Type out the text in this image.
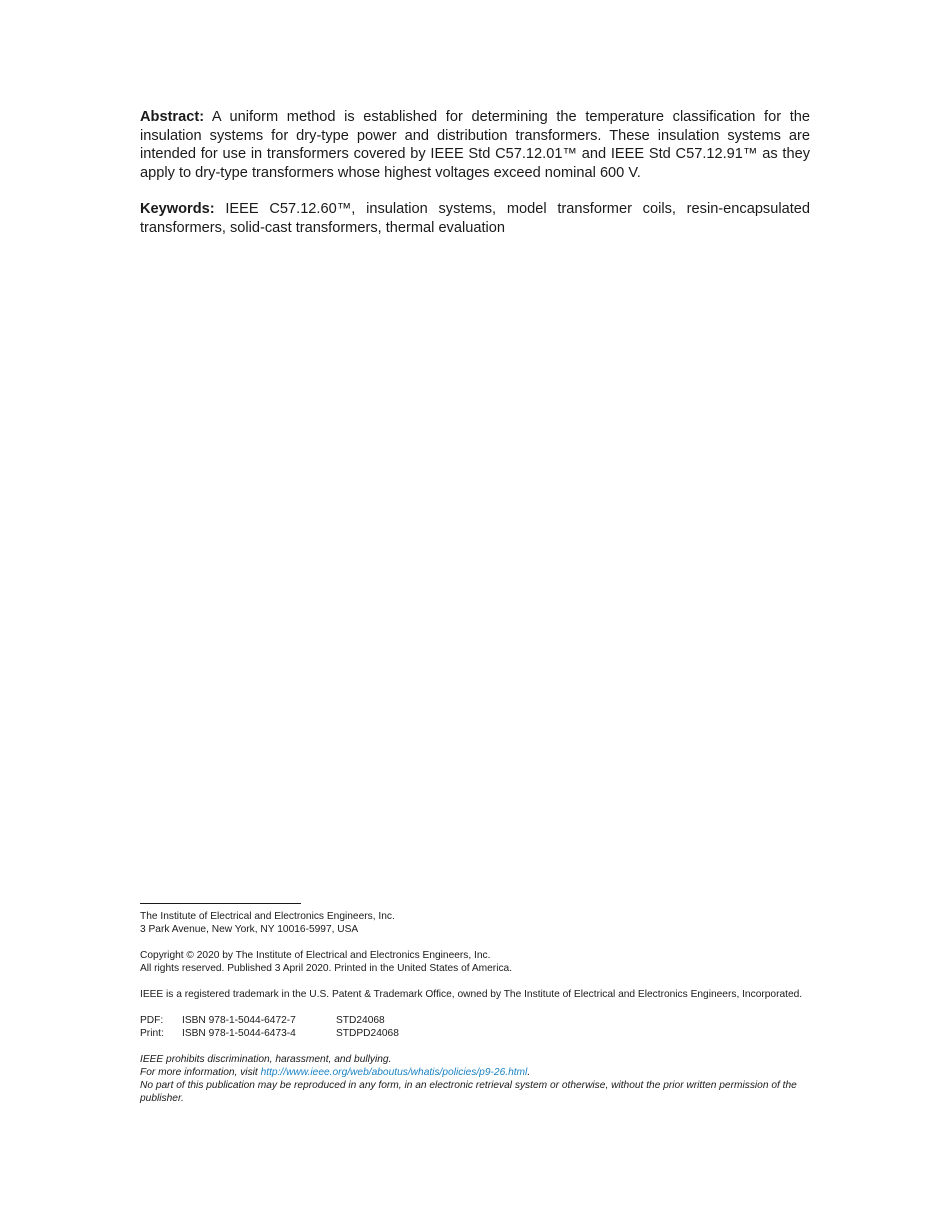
Abstract: A uniform method is established for determining the temperature classification for the insulation systems for dry-type power and distribution transformers. These insulation systems are intended for use in transformers covered by IEEE Std C57.12.01™ and IEEE Std C57.12.91™ as they apply to dry-type transformers whose highest voltages exceed nominal 600 V.

Keywords: IEEE C57.12.60™, insulation systems, model transformer coils, resin-encapsulated transformers, solid-cast transformers, thermal evaluation

The Institute of Electrical and Electronics Engineers, Inc.

3 Park Avenue, New York, NY 10016-5997, USA

Copyright © 2020 by The Institute of Electrical and Electronics Engineers, Inc.

All rights reserved. Published 3 April 2020. Printed in the United States of America.

IEEE is a registered trademark in the U.S. Patent & Trademark Office, owned by The Institute of Electrical and Electronics Engineers, Incorporated.

PDF:	ISBN 978-1-5044-6472-7	STD24068
Print:	ISBN 978-1-5044-6473-4	STDPD24068

IEEE prohibits discrimination, harassment, and bullying.

For more information, visit http://www.ieee.org/web/aboutus/whatis/policies/p9-26.html.

No part of this publication may be reproduced in any form, in an electronic retrieval system or otherwise, without the prior written permission of the publisher.
